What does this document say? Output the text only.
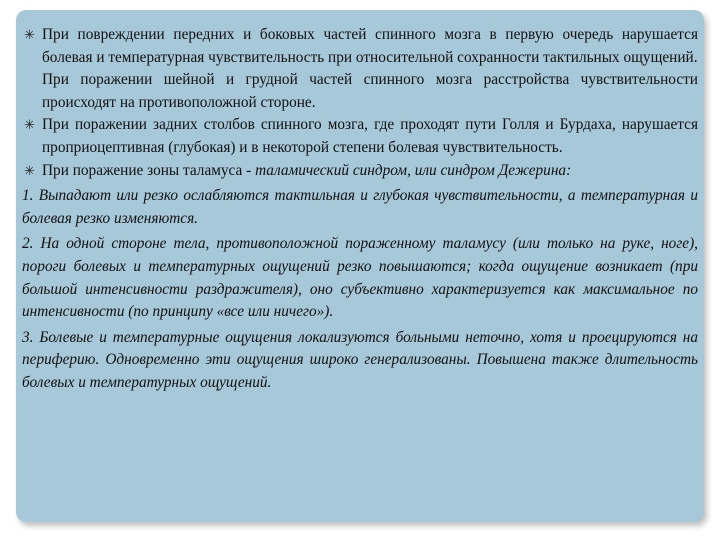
✳ При повреждении передних и боковых частей спинного мозга в первую очередь нарушается болевая и температурная чувствительность при относительной сохранности тактильных ощущений.
При поражении шейной и грудной частей спинного мозга расстройства чувствительности происходят на противоположной стороне.
✳ При поражении задних столбов спинного мозга, где проходят пути Голля и Бурдаха, нарушается проприоцептивная (глубокая) и в некоторой степени болевая чувствительность.
✳ При поражение зоны таламуса - таламический синдром, или синдром Дежерина:
1. Выпадают или резко ослабляются тактильная и глубокая чувствительности, а температурная и болевая резко изменяются.
2. На одной стороне тела, противоположной пораженному таламусу (или только на руке, ноге), пороги болевых и температурных ощущений резко повышаются; когда ощущение возникает (при большой интенсивности раздражителя), оно субъективно характеризуется как максимальное по интенсивности (по принципу «все или ничего»).
3. Болевые и температурные ощущения локализуются больными неточно, хотя и проецируются на периферию. Одновременно эти ощущения широко генерализованы. Повышена также длительность болевых и температурных ощущений.
